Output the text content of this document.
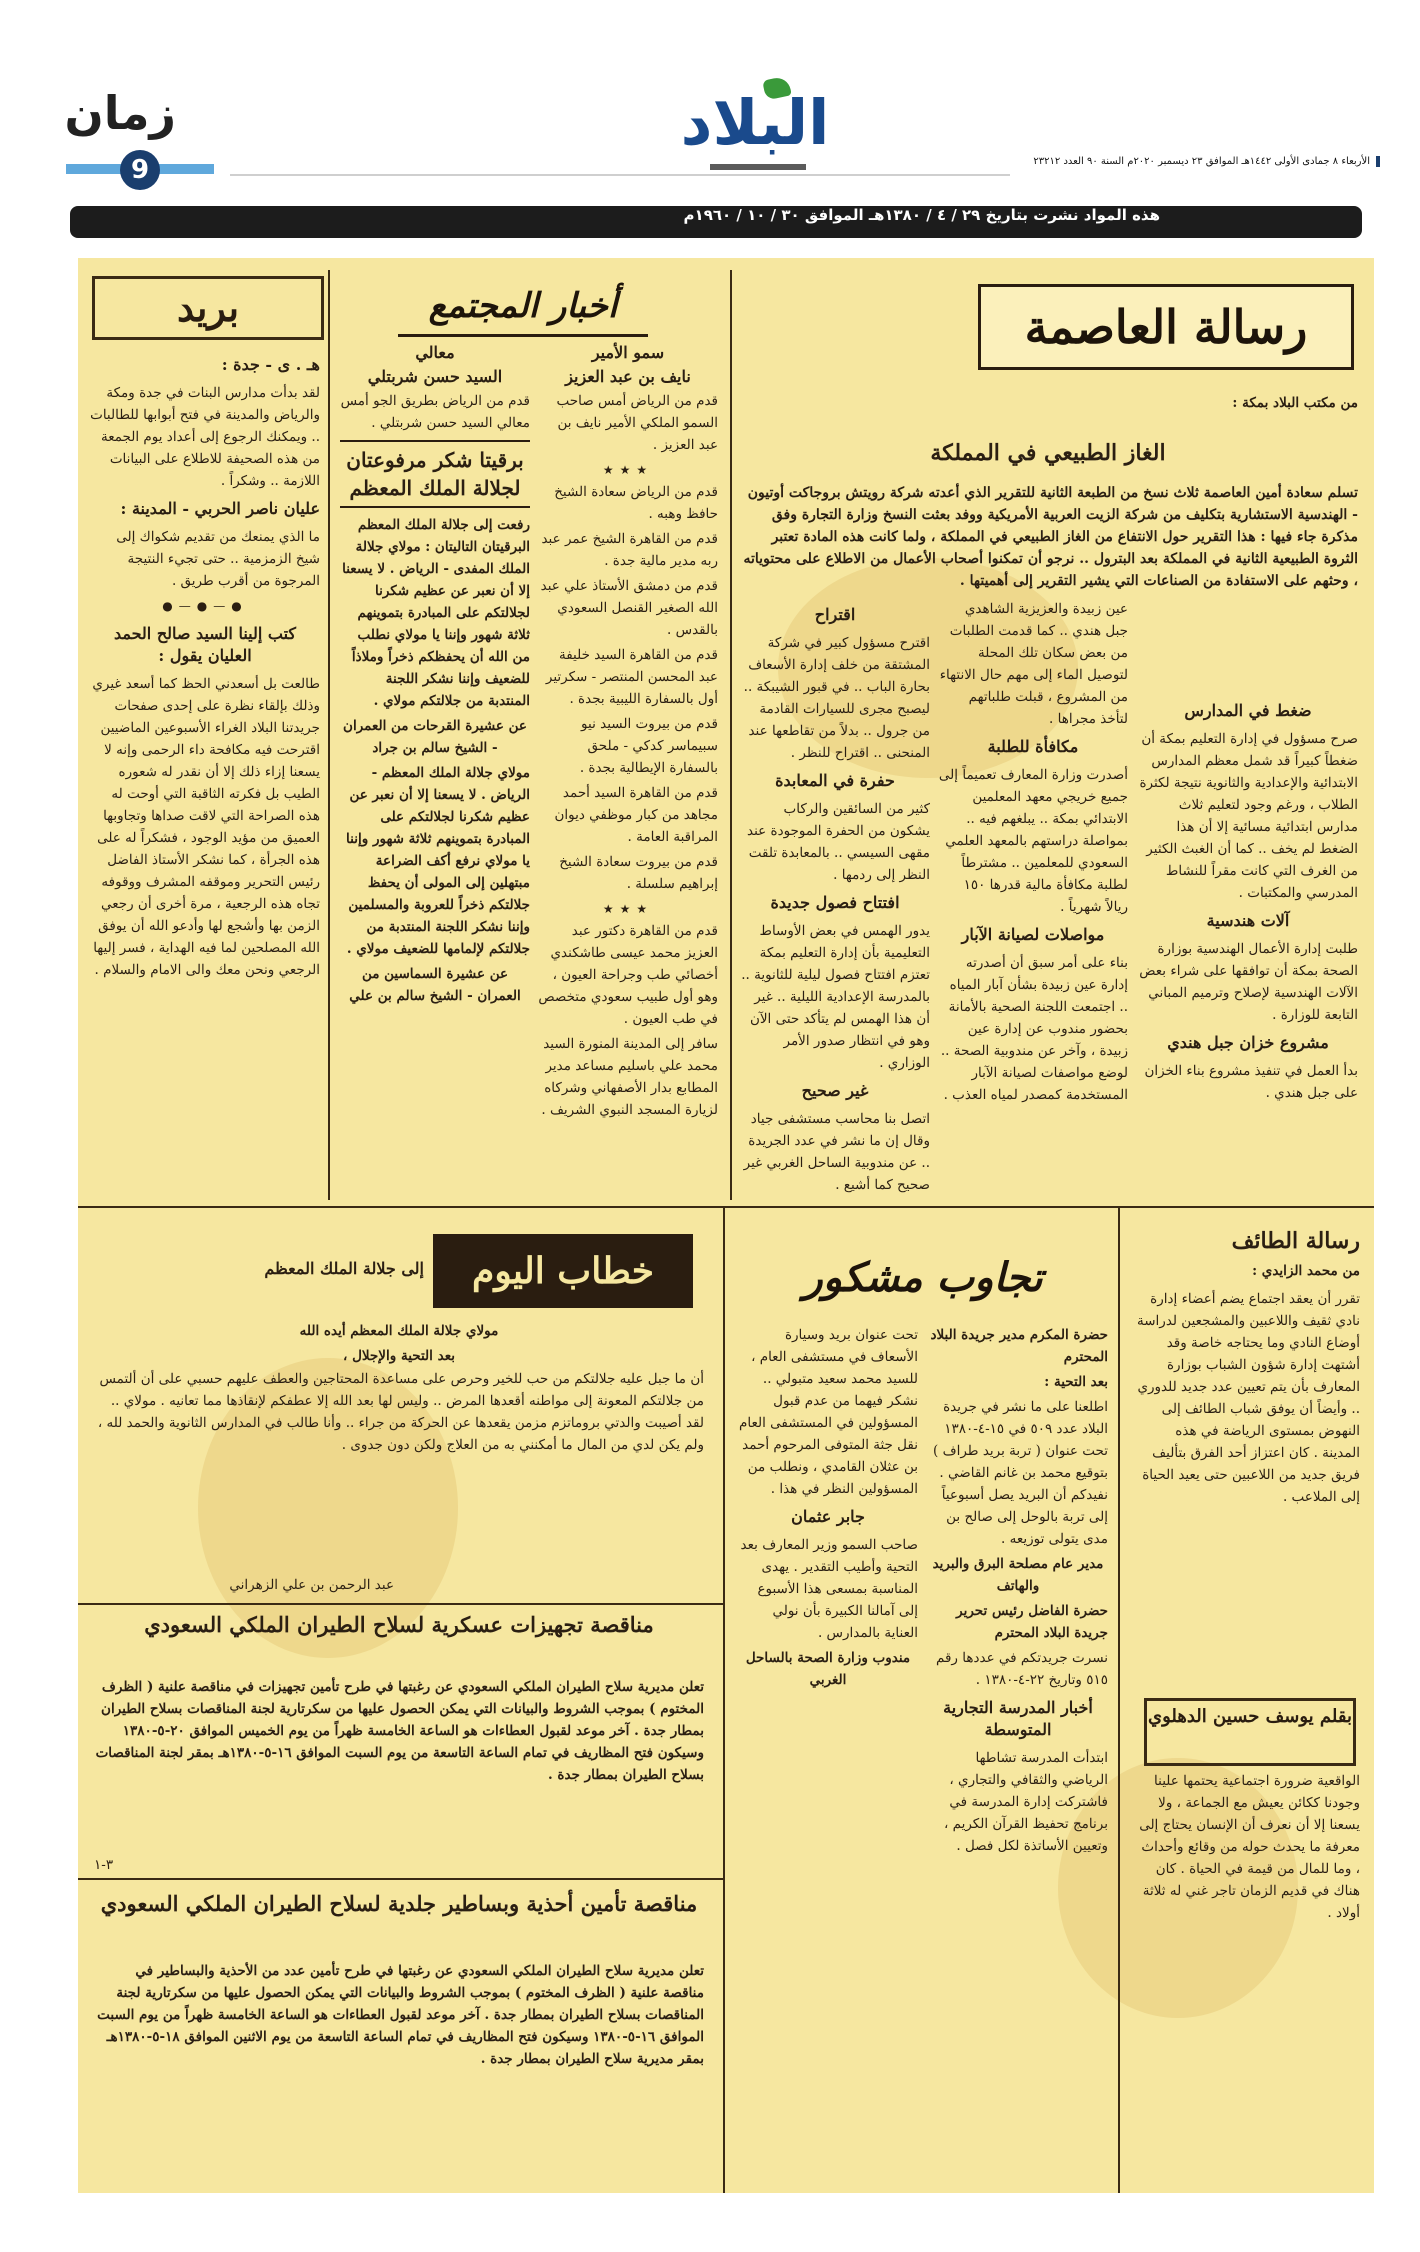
البلاد
زمان
9	الأربعاء ٨ جمادى الأولى ١٤٤٢هـ الموافق ٢٣ ديسمبر ٢٠٢٠م السنة ٩٠ العدد ٢٣٢١٢
هذه المواد نشرت بتاريخ ٢٩ / ٤ / ١٣٨٠هـ الموافق ٣٠ / ١٠ / ١٩٦٠م
رسالة العاصمة
من مكتب البلاد بمكة :
الغاز الطبيعي في المملكة
تسلم سعادة أمين العاصمة ثلاث نسخ من الطبعة الثانية للتقرير الذي أعدته شركة رويتش بروجاكت أوتيون - الهندسية الاستشارية بتكليف من شركة الزيت العربية الأمريكية ووفد بعثت النسخ وزارة التجارة وفق مذكرة جاء فيها : هذا التقرير حول الانتفاع من الغاز الطبيعي في المملكة ، ولما كانت هذه المادة تعتبر الثروة الطبيعية الثانية في المملكة بعد البترول .. نرجو أن تمكنوا أصحاب الأعمال من الاطلاع على محتوياته ، وحثهم على الاستفادة من الصناعات التي يشير التقرير إلى أهميتها .
ضغط في المدارس

صرح مسؤول في إدارة التعليم بمكة أن ضغطاً كبيراً قد شمل معظم المدارس الابتدائية والإعدادية والثانوية نتيجة لكثرة الطلاب ، ورغم وجود لتعليم ثلاث مدارس ابتدائية مسائية إلا أن هذا الضغط لم يخف .. كما أن الغبث الكثير من الغرف التي كانت مقراً للنشاط المدرسي والمكتبات .

آلات هندسية

طلبت إدارة الأعمال الهندسية بوزارة الصحة بمكة أن توافقها على شراء بعض الآلات الهندسية لإصلاح وترميم المباني التابعة للوزارة .

مشروع خزان جبل هندي

بدأ العمل في تنفيذ مشروع بناء الخزان على جبل هندي .

عين زبيدة والعزيزية الشاهدي جبل هندي .. كما قدمت الطلبات من بعض سكان تلك المحلة لتوصيل الماء إلى مهم حال الانتهاء من المشروع ، قبلت طلباتهم لتأخذ مجراها .

مكافأة للطلبة

أصدرت وزارة المعارف تعميماً إلى جميع خريجي معهد المعلمين الابتدائي بمكة .. يبلغهم فيه .. بمواصلة دراستهم بالمعهد العلمي السعودي للمعلمين .. مشترطاً لطلبة مكافأة مالية قدرها ١٥٠ ريالاً شهرياً .

مواصلات لصيانة الآبار

بناء على أمر سبق أن أصدرته إدارة عين زبيدة بشأن آبار المياه .. اجتمعت اللجنة الصحية بالأمانة بحضور مندوب عن إدارة عين زبيدة ، وآخر عن مندوبية الصحة .. لوضع مواصفات لصيانة الآبار المستخدمة كمصدر لمياه العذب .

اقتراح

اقترح مسؤول كبير في شركة المشتقة من خلف إدارة الأسعاف بحارة الباب .. في قبور الشيبكة .. ليصبح مجرى للسيارات القادمة من جرول .. بدلاً من تقاطعها عند المنحنى .. اقتراح للنظر .

حفرة في المعابدة

كثير من السائقين والركاب يشكون من الحفرة الموجودة عند مقهى السيسي .. بالمعابدة تلقت النظر إلى ردمها .

افتتاح فصول جديدة

يدور الهمس في بعض الأوساط التعليمية بأن إدارة التعليم بمكة تعتزم افتتاح فصول ليلية للثانوية .. بالمدرسة الإعدادية الليلية .. غير أن هذا الهمس لم يتأكد حتى الآن وهو في انتظار صدور الأمر الوزاري .

غير صحيح

اتصل بنا محاسب مستشفى جياد وقال إن ما نشر في عدد الجريدة .. عن مندوبية الساحل الغربي غير صحيح كما أشيع .

أخبار المجتمع
سمو الأمير
نايف بن عبد العزيز

قدم من الرياض أمس صاحب السمو الملكي الأمير نايف بن عبد العزيز .

★★★

قدم من الرياض سعادة الشيخ حافظ وهبه .

قدم من القاهرة الشيخ عمر عبد ربه مدير مالية جدة .

قدم من دمشق الأستاذ علي عبد الله الصغير القنصل السعودي بالقدس .

قدم من القاهرة السيد خليفة عبد المحسن المنتصر - سكرتير أول بالسفارة الليبية بجدة .

قدم من بيروت السيد نيو سبيماسر كدكي - ملحق بالسفارة الإيطالية بجدة .

قدم من القاهرة السيد أحمد مجاهد من كبار موظفي ديوان المراقبة العامة .

قدم من بيروت سعادة الشيخ إبراهيم سلسلة .

★★★

قدم من القاهرة دكتور عبد العزيز محمد عيسى طاشكندي أخصائي طب وجراحة العيون ، وهو أول طبيب سعودي متخصص في طب العيون .

سافر إلى المدينة المنورة السيد محمد علي باسليم مساعد مدير المطابع بدار الأصفهاني وشركاه لزيارة المسجد النبوي الشريف .

معالي
السيد حسن شربتلي

قدم من الرياض بطريق الجو أمس معالي السيد حسن شربتلي .

برقيتا شكر مرفوعتان لجلالة الملك المعظم

رفعت إلى جلالة الملك المعظم البرقيتان التاليتان : مولاي جلالة الملك المفدى - الرياض . لا يسعنا إلا أن نعبر عن عظيم شكرنا لجلالتكم على المبادرة بتموينهم ثلاثة شهور وإننا يا مولاي نطلب من الله أن يحفظكم ذخراً وملاذاً للضعيف وإننا نشكر اللجنة المنتدبة من جلالتكم مولاي .

عن عشيرة القرحات من العمران - الشيخ سالم بن جراد

مولاي جلالة الملك المعظم - الرياض . لا يسعنا إلا أن نعبر عن عظيم شكرنا لجلالتكم على المبادرة بتموينهم ثلاثة شهور وإننا يا مولاي نرفع أكف الضراعة مبتهلين إلى المولى أن يحفظ جلالتكم ذخراً للعروبة والمسلمين وإننا نشكر اللجنة المنتدبة من جلالتكم لإلمامها للضعيف مولاي .

عن عشيرة السماسين من العمران - الشيخ سالم بن علي

بريد
هـ . ى - جدة :

لقد بدأت مدارس البنات في جدة ومكة والرياض والمدينة في فتح أبوابها للطالبات .. ويمكنك الرجوع إلى أعداد يوم الجمعة من هذه الصحيفة للاطلاع على البيانات اللازمة .. وشكراً .

عليان ناصر الحربي - المدينة :

ما الذي يمنعك من تقديم شكواك إلى شيخ الزمزمية .. حتى تجيء النتيجة المرجوة من أقرب طريق .

●—●—●
كتب إلينا السيد صالح الحمد العليان يقول :

طالعت بل أسعدني الحظ كما أسعد غيري وذلك بإلقاء نظرة على إحدى صفحات جريدتنا البلاد الغراء الأسبوعين الماضيين اقترحت فيه مكافحة داء الرحمى وإنه لا يسعنا إزاء ذلك إلا أن نقدر له شعوره الطيب بل فكرته الثاقبة التي أوحت له هذه الصراحة التي لاقت صداها وتجاوبها العميق من مؤيد الوجود ، فشكراً له على هذه الجرأة ، كما نشكر الأستاذ الفاضل رئيس التحرير وموقفه المشرف ووقوفه تجاه هذه الرجعية ، مرة أخرى أن رجعي الزمن بها وأشجع لها وأدعو الله أن يوفق الله المصلحين لما فيه الهداية ، فسر إليها الرجعي ونحن معك والى الامام والسلام .

خطاب اليوم
إلى جلالة الملك المعظم

مولاي جلالة الملك المعظم أيده الله

بعد التحية والإجلال ،

أن ما جبل عليه جلالتكم من حب للخير وحرص على مساعدة المحتاجين والعطف عليهم حسبي على أن ألتمس من جلالتكم المعونة إلى مواطنه أقعدها المرض .. وليس لها بعد الله إلا عطفكم لإنقاذها مما تعانيه . مولاي .. لقد أصيبت والدتي بروماتزم مزمن يقعدها عن الحركة من جراء .. وأنا طالب في المدارس الثانوية والحمد لله ، ولم يكن لدي من المال ما أمكنني به من العلاج ولكن دون جدوى .
عبد الرحمن بن علي الزهراني
مناقصة تجهيزات عسكرية لسلاح الطيران الملكي السعودي
تعلن مديرية سلاح الطيران الملكي السعودي عن رغبتها في طرح تأمين تجهيزات في مناقصة علنية ( الظرف المختوم ) بموجب الشروط والبيانات التي يمكن الحصول عليها من سكرتارية لجنة المناقصات بسلاح الطيران بمطار جدة . آخر موعد لقبول العطاءات هو الساعة الخامسة ظهراً من يوم الخميس الموافق ٢٠-٥-١٣٨٠ وسيكون فتح المظاريف في تمام الساعة التاسعة من يوم السبت الموافق ١٦-٥-١٣٨٠هـ بمقر لجنة المناقصات بسلاح الطيران بمطار جدة .
٣-١
مناقصة تأمين أحذية وبساطير جلدية لسلاح الطيران الملكي السعودي
تعلن مديرية سلاح الطيران الملكي السعودي عن رغبتها في طرح تأمين عدد من الأحذية والبساطير في مناقصة علنية ( الظرف المختوم ) بموجب الشروط والبيانات التي يمكن الحصول عليها من سكرتارية لجنة المناقصات بسلاح الطيران بمطار جدة . آخر موعد لقبول العطاءات هو الساعة الخامسة ظهراً من يوم السبت الموافق ١٦-٥-١٣٨٠ وسيكون فتح المظاريف في تمام الساعة التاسعة من يوم الاثنين الموافق ١٨-٥-١٣٨٠هـ بمقر مديرية سلاح الطيران بمطار جدة .
تجاوب مشكور

حضرة المكرم مدير جريدة البلاد المحترم

بعد التحية :

اطلعنا على ما نشر في جريدة البلاد عدد ٥٠٩ في ١٥-٤-١٣٨٠ تحت عنوان ( تربة بريد طراف ) بتوقيع محمد بن غانم القاضي . نفيدكم أن البريد يصل أسبوعياً إلى تربة بالوحل إلى صالح بن مدى يتولى توزيعه .

مدير عام مصلحة البرق والبريد والهاتف

حضرة الفاضل رئيس تحرير جريدة البلاد المحترم

نسرت جريدتكم في عددها رقم ٥١٥ وتاريخ ٢٢-٤-١٣٨٠ .

أخبار المدرسة التجارية المتوسطة

ابتدأت المدرسة تشاطها الرياضي والثقافي والتجاري ، فاشتركت إدارة المدرسة في برنامج تحفيظ القرآن الكريم ، وتعيين الأساتذة لكل فصل .

تحت عنوان بريد وسيارة الأسعاف في مستشفى العام ، للسيد محمد سعيد متبولي .. نشكر فيهما من عدم قبول المسؤولين في المستشفى العام نقل جثة المتوفى المرحوم أحمد بن عثلان القامدي ، ونطلب من المسؤولين النظر في هذا .

جابر عثمان

صاحب السمو وزير المعارف بعد التحية وأطيب التقدير . يهدى المناسبة بمسعى هذا الأسبوع إلى آمالنا الكبيرة بأن نولي العناية بالمدارس .

مندوب وزارة الصحة بالساحل الغربي

رسالة الطائف
من محمد الزايدي :
تقرر أن يعقد اجتماع يضم أعضاء إدارة نادي ثقيف واللاعبين والمشجعين لدراسة أوضاع النادي وما يحتاجه خاصة وقد أشتهت إدارة شؤون الشباب بوزارة المعارف بأن يتم تعيين عدد جديد للدوري .. وأيضاً أن يوفق شباب الطائف إلى النهوض بمستوى الرياضة في هذه المدينة . كان اعتزاز أحد الفرق بتأليف فريق جديد من اللاعبين حتى يعيد الحياة إلى الملاعب .
بقلم يوسف حسين الدهلوي
الواقعية ضرورة اجتماعية يحتمها علينا وجودنا ككائن يعيش مع الجماعة ، ولا يسعنا إلا أن نعرف أن الإنسان يحتاج إلى معرفة ما يحدث حوله من وقائع وأحداث ، وما للمال من قيمة في الحياة . كان هناك في قديم الزمان تاجر غني له ثلاثة أولاد .
